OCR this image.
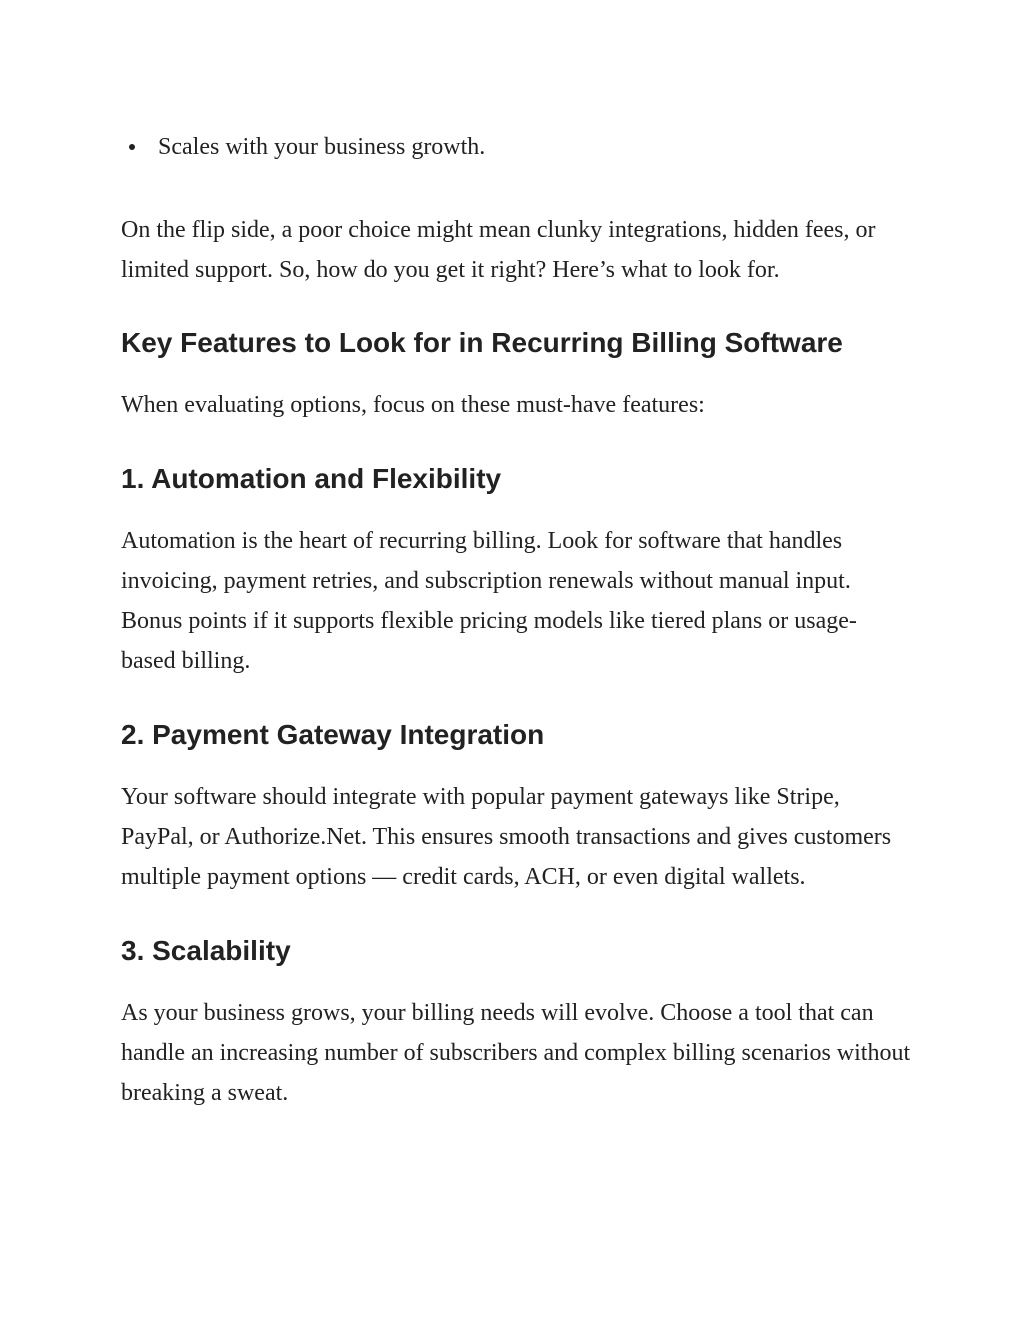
Scales with your business growth.

On the flip side, a poor choice might mean clunky integrations, hidden fees, or limited support. So, how do you get it right? Here’s what to look for.

Key Features to Look for in Recurring Billing Software

When evaluating options, focus on these must-have features:

1. Automation and Flexibility

Automation is the heart of recurring billing. Look for software that handles invoicing, payment retries, and subscription renewals without manual input. Bonus points if it supports flexible pricing models like tiered plans or usage-based billing.

2. Payment Gateway Integration

Your software should integrate with popular payment gateways like Stripe, PayPal, or Authorize.Net. This ensures smooth transactions and gives customers multiple payment options — credit cards, ACH, or even digital wallets.

3. Scalability

As your business grows, your billing needs will evolve. Choose a tool that can handle an increasing number of subscribers and complex billing scenarios without breaking a sweat.
